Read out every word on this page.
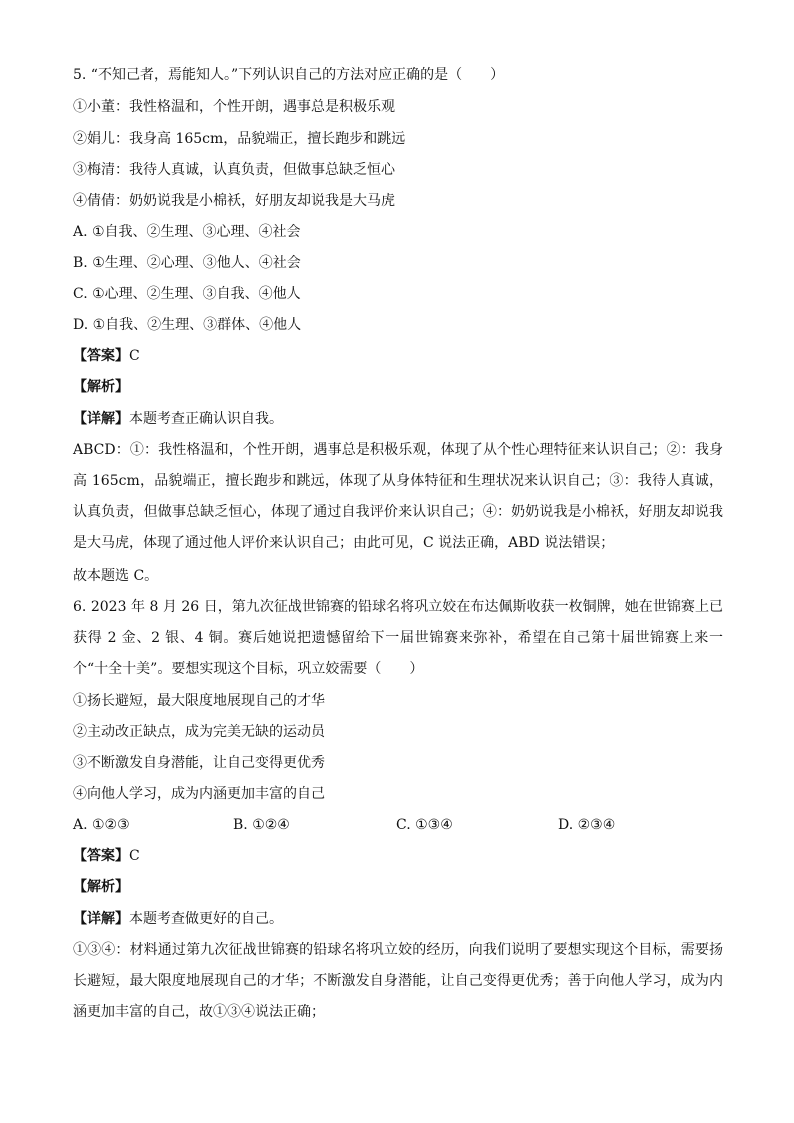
5. “不知己者，焉能知人。”下列认识自己的方法对应正确的是（　　）
①小董：我性格温和，个性开朗，遇事总是积极乐观
②娟儿：我身高 165cm，品貌端正，擅长跑步和跳远
③梅清：我待人真诚，认真负责，但做事总缺乏恒心
④倩倩：奶奶说我是小棉袄，好朋友却说我是大马虎
A. ①自我、②生理、③心理、④社会
B. ①生理、②心理、③他人、④社会
C. ①心理、②生理、③自我、④他人
D. ①自我、②生理、③群体、④他人
【答案】C
【解析】
【详解】本题考查正确认识自我。
ABCD：①：我性格温和，个性开朗，遇事总是积极乐观，体现了从个性心理特征来认识自己；②：我身高 165cm，品貌端正，擅长跑步和跳远，体现了从身体特征和生理状况来认识自己；③：我待人真诚，认真负责，但做事总缺乏恒心，体现了通过自我评价来认识自己；④：奶奶说我是小棉袄，好朋友却说我是大马虎，体现了通过他人评价来认识自己；由此可见，C 说法正确，ABD 说法错误；
故本题选 C。
6. 2023 年 8 月 26 日，第九次征战世锦赛的铅球名将巩立姣在布达佩斯收获一枚铜牌，她在世锦赛上已获得 2 金、2 银、4 铜。赛后她说把遗憾留给下一届世锦赛来弥补，希望在自己第十届世锦赛上来一个“十全十美”。要想实现这个目标，巩立姣需要（　　）
①扬长避短，最大限度地展现自己的才华
②主动改正缺点，成为完美无缺的运动员
③不断激发自身潜能，让自己变得更优秀
④向他人学习，成为内涵更加丰富的自己
A. ①②③	B. ①②④	C. ①③④	D. ②③④
【答案】C
【解析】
【详解】本题考查做更好的自己。
①③④：材料通过第九次征战世锦赛的铅球名将巩立姣的经历，向我们说明了要想实现这个目标，需要扬长避短，最大限度地展现自己的才华；不断激发自身潜能，让自己变得更优秀；善于向他人学习，成为内涵更加丰富的自己，故①③④说法正确；
